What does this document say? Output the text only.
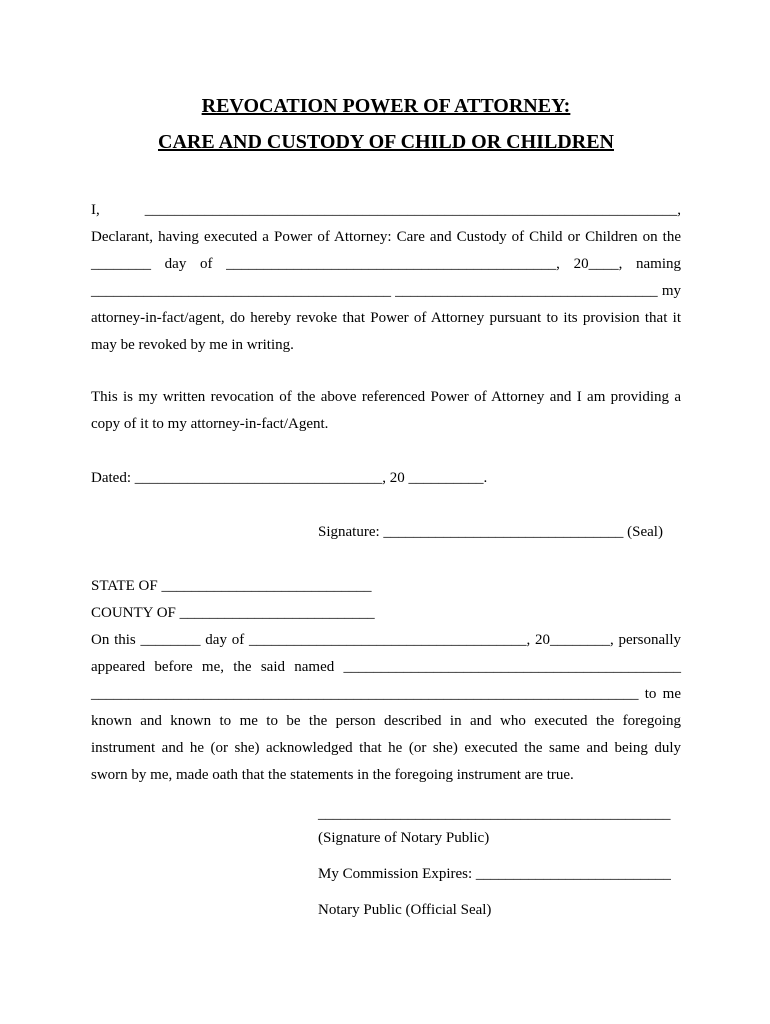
REVOCATION POWER OF ATTORNEY:
CARE AND CUSTODY OF CHILD OR CHILDREN
I, _______________________________________________________________________,
Declarant, having executed a Power of Attorney: Care and Custody of Child or Children on the
________ day of ____________________________________________, 20____, naming
________________________________________ ___________________________________ my
attorney-in-fact/agent, do hereby revoke that Power of Attorney pursuant to its provision that it
may be revoked by me in writing.
This is my written revocation of the above referenced Power of Attorney and I am providing a
copy of it to my attorney-in-fact/Agent.
Dated: _________________________________, 20 __________.
Signature: ________________________________ (Seal)
STATE OF ____________________________
COUNTY OF __________________________
On this ________ day of _____________________________________, 20________, personally
appeared before me, the said named _____________________________________________
_________________________________________________________________________ to me
known and known to me to be the person described in and who executed the foregoing
instrument and he (or she) acknowledged that he (or she) executed the same and being duly
sworn by me, made oath that the statements in the foregoing instrument are true.
_______________________________________________
(Signature of Notary Public)
My Commission Expires: __________________________
Notary Public (Official Seal)
